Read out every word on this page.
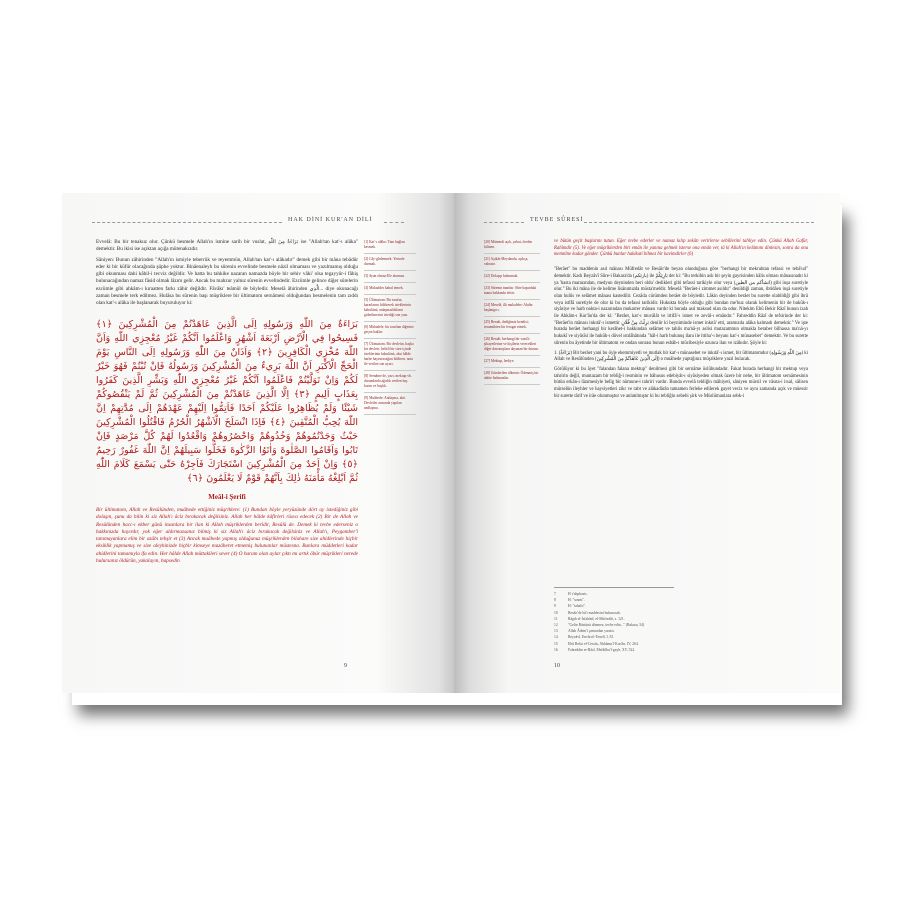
HAK DİNİ KUR'AN DİLİ

Evvelâ: Bu bir tenakuz olur. Çünkü besmele Allah'ın ismine sarih bir vuslat, بَرَاءَةٌ مِنَ اللّٰهِ ise "Allah'tan kat'-ı alâka" demektir. Bu ikisi ise açıktan açığa mütenakızdır.

Sâniyen: Bunun zâhirinden "Allah'ın ismiyle teberrük ve teyemmün, Allah'tan kat'-ı alâkadır" demek gibi bir mâna tebâdür eder ki bir küfür olacağında şüphe yoktur. Binâenaleyh bu sûrenin evvelinde besmele nâzil olmaması ve yazılmamış olduğu gibi okunması dahi kâbil-i tecviz değildir. Ve hatta bu tahkike nazaran namazda böyle bir sehiv vâki' olsa tegayyür-i fâhiş bulunacağından namaz fâsid olmak lâzım gelir. Ancak bu mahzur yalnız sûrenin evvelindedir. Ezcümle gelince diğer sûrelerin ezcümle gibi ahkâm-ı kıraatten farkı zâhir değildir. Fâvâkı' teâmül de böyledir. Meselâ âhirinden الَّذِي... diye okunacağı zaman besmele terk edilmez. Hulâsa bu sûrenin başı müşriklere bir ültimatom sernâmesi olduğundan besmelenin tam zıddı olan kat'-ı alâka ile başlanarak buyuruluyor ki:

بَرَاءَةٌ مِنَ اللّٰهِ وَرَسُولِهِ اِلَى الَّذِينَ عَاهَدْتُمْ مِنَ الْمُشْرِكِينَ ﴿١﴾ فَسِيحُوا فِي الْاَرْضِ اَرْبَعَةَ اَشْهُرٍ وَاعْلَمُوا اَنَّكُمْ غَيْرُ مُعْجِزِي اللّٰهِ وَاَنَّ اللّٰهَ مُخْزِي الْكَافِرِينَ ﴿٢﴾ وَاَذَانٌ مِنَ اللّٰهِ وَرَسُولِهِ اِلَى النَّاسِ يَوْمَ الْحَجِّ الْاَكْبَرِ اَنَّ اللّٰهَ بَرِيءٌ مِنَ الْمُشْرِكِينَ وَرَسُولُهُ فَاِنْ تُبْتُمْ فَهُوَ خَيْرٌ لَكُمْ وَاِنْ تَوَلَّيْتُمْ فَاعْلَمُوا اَنَّكُمْ غَيْرُ مُعْجِزِي اللّٰهِ وَبَشِّرِ الَّذِينَ كَفَرُوا بِعَذَابٍ اَلِيمٍ ﴿٣﴾ اِلَّا الَّذِينَ عَاهَدْتُمْ مِنَ الْمُشْرِكِينَ ثُمَّ لَمْ يَنْقُصُوكُمْ شَيْئًا وَلَمْ يُظَاهِرُوا عَلَيْكُمْ اَحَدًا فَاَتِمُّوا اِلَيْهِمْ عَهْدَهُمْ اِلَى مُدَّتِهِمْ اِنَّ اللّٰهَ يُحِبُّ الْمُتَّقِينَ ﴿٤﴾ فَاِذَا انْسَلَخَ الْاَشْهُرُ الْحُرُمُ فَاقْتُلُوا الْمُشْرِكِينَ حَيْثُ وَجَدْتُمُوهُمْ وَخُذُوهُمْ وَاحْصُرُوهُمْ وَاقْعُدُوا لَهُمْ كُلَّ مَرْصَدٍ فَاِنْ تَابُوا وَاَقَامُوا الصَّلٰوةَ وَاٰتَوُا الزَّكٰوةَ فَخَلُّوا سَبِيلَهُمْ اِنَّ اللّٰهَ غَفُورٌ رَحِيمٌ ﴿٥﴾ وَاِنْ اَحَدٌ مِنَ الْمُشْرِكِينَ اسْتَجَارَكَ فَاَجِرْهُ حَتّٰى يَسْمَعَ كَلَامَ اللّٰهِ ثُمَّ اَبْلِغْهُ مَأْمَنَهُ ذٰلِكَ بِاَنَّهُمْ قَوْمٌ لَا يَعْلَمُونَ ﴿٦﴾
Meâl-i Şerifi

Bir ültimatom, Allah ve Resûlünden, muâhede ettiğiniz müşriklere: (1) Bundan böyle yeryüzünde dört ay istediğiniz gibi dolaşın, şunu da bilin ki siz Allah'ı âciz bırakacak değilsiniz. Allah her hâlde kâfirleri rüsva edecek (2) Bir de Allah ve Resûlünden hacc-ı ekber günü insanlara bir ilan ki Allah müşriklerden berîdir, Resûlü de. Demek ki tevbe ederseniz o hakkınızda hayırdır, yok eğer aldırmazsanız bilmiş ki siz Allah'ı âciz bırakacak değilsiniz ve Allah'ı, Peygamber'i tanımayanlara elim bir azâbı tebşir et (3) Ancak muâhede yapmış olduğunuz müşriklerden bilahare size ahidlerinde hiçbir eksiklik yapmamış ve size aleyhinizde hiçbir kimseye muzâheret etmemiş bulunanlar müstesna. Bunlara müddetleri kadar ahidlerini tamamıyla ifa edin. Her hâlde Allah müttakileri sever (4) O haram olan aylar çıktı mı artık öbür müşrikleri nerede bulursanız öldürün, yakalayın, hapsedin

[1] Kat'-ı alâka: Tüm bağları kesmek.
[2] Cây-gîrdenmek: Yerinde durmak.
[3] Ayan olmaz:Ele alınmaz.
[4] Mukaddes kabul etmek.
[5] Ültimatom: Bir tarafın, kararlarını bildirerek isteklerinin kabulünü, anlaşmazlıkların giderilmesini istediği son yazı.
[6] Mübadele, bir taraftan diğerine geçen haklar.
[7] Ültimatom: Bir devletin, başka bir devlete, belirli bir süre içinde isteklerinin kabulünü, aksi hâlde harbe başvuracağını bildiren, nota ile verilen son uyarı.
[8] Sernâme de, yazı, mektup vb. durumlarda ağırlık verilen baş kısım ve başlık.
[9] Muâhede: Antlaşma, ahit. Devletler arasında yapılan andlaşma.
9
TEVBE SÛRESİ
[20] Mütemdi açık, yahut, öteden bilinen.
[21] Aşikâr:Meydanda, açıkça, vahuste.
[22] Dolaşıp bulunmak.
[23] Sûrenin manâsı: Sûre başındaki mana hakkında tefsir.
[24] Meselâ, ilk mukalebe: Ahdin başlangıcı.
[25] Beraât, dediğimiz kendisi; tesamühten bir feragat etmek.
[26] Beraât: herhangi bir vasıflı şikayetlerine ve kişilerin verecekleri diğer davranışlara dayanan bir durum.
[27] Mektup, hediye.
[28] Gönderilen ülkenin: Ödenmiş bir ahitte bulunanlar.

ve bütün geçit başlarını tutun. Eğer tevbe ederler ve namaz kılıp zekâtı verirlerse sebillerini tahliye edin. Çünkü Allah Gafûr, Rahîmdir (5). Ve eğer müşriklerden biri emân ile yanına gelmek isterse ona emân ver, tâ ki Allah'ın kelâmını dinlesin, sonra da onu memnîne kadar gönder. Çünkü bunlar hakikati bilmez bir kavimdirler (6)

"Berâet" bu maddenin asıl mânası Müfredât ve Besâir'de beyan olunduğuna göre "herhangi bir mekruhtan tefassi ve tebâ'ud" demektir. Kadı Beyzâvî Sûre-i Bakara'da (بارئكم) ile بَارِئِكُمْ der ki: "Bu terkibin aslı bir şeyin gayrisinden hâlis olması mânasınadır ki ya 'hasta marazından, medyun deyninden beri oldu' dedikleri gibi tefassi tarikiyle olur veya (انشأكم من الطين) gibi inşa suretiyle olur." Bu iki mâna ile de kelime lisânımızda müsta'meldir. Meselâ "Berâet-i zimmet asıldır" denildiği zaman, ibtidâen inşâ suretiyle olan hulûs ve selâmet mânası kastedilir. Cezâda cürümden berâet de böyledir. Lâkin deyinden berâet bu surette olabildiği gibi ibrâ veya istîfâ suretiyle de olur ki bu da tefassi tarikidir. Hukukta böyle olduğu gibi bundan me'huz olarak kelimenin bir de hukûk-ı siyâsiye ve harb nokta-i nazarından mukarrer mânası vardır ki burada asıl maksud olan da odur. Nitekim Ebû Bekir Râzî bunun izah ile Ahkâm-ı Kur'ân'da der ki: "Berâet, kat'-ı muvâlât ve irtifâ'-ı ismet ve zevâl-ı emândır." Fahreddin Râzî de tefsirinde der ki: "Berâet'in mânası inkıtâ'-ı ismettir بَرِئْتُ مِنْ فُلَانٍ denilir ki beyniminde ismet inkıtâ' etti, aramızda alâka kalmadı demektir." Ve işte burada berâet herhangi bir kerâhet-i hakkından selâmet ve tahlis ma'nâ-yı aslisi mutazammın olmakla beraber bilhassa ma'nâ-yı hukukî ve siyâsîsi ile hukûk-ı düvel ıstılâhâtında "hâl-i harb bulunuş ilanı ile ittiha'-ı beyanı kat'-ı münasebet" demektir. Ve bu surette sûrenin bu âyetinde bir ültimatom ve ondan sonrası bunun esbâb-ı mûcibesiyle uzunca ilan ve izâhıdır. Şöyle ki:

1. (بَرَاءَةٌ) Bir berâet yani bu öyle ehemmiyetli ve mutlak bir kat'-ı münasebet ve inkıtâ'-ı ismet, bir ültimatomdur (مِنَ اللّٰهِ وَرَسُولِهِ) ki Allah ve Resûlünden (اِلَى الَّذِينَ عَاهَدْتُمْ مِنَ الْمُشْرِكِينَ) o muâhede yaptığınız müşriklere yazıl bulacak.

Görülüyor ki bu âyet "falandan falana mektup" denilmesi gibi bir sernâme üslûbundadır. Fakat burada herhangi bir mektup veya tahririn değil, muntazam bir tebliğ-i resminin ve bâhusus edebiyât-ı siyâsiyeden olmak üzere bir nehe, bir ültimatom sernâmesinin bütün erkân-ı lâzımesiyle belîg bir nümune-i tahriri vardır. Bunda evvelâ tebliğin mâhiyeti, sâniyen mürsil ve vâsıta-i irsal, sâlisen mürselün ileyhler ve haysiyetleri zikr ve rabt ve alâkadârân tamamen ferleke edilerek gayet veciz ve aynı zamanda açık ve müessir bir surette târif ve irâe olunmuştur ve anlatılmıştır ki bu tebliğin sebebi şirk ve Müslümanlara sebk-i

7	H ν'ahphasis.
8	H: "sınım".
9	H: "tahaftı".
10	Besâir'de bâ'ı maddesini bulunacak.
11	Râgıb el-İsfahânî, el-Müfredât, s. 121.
12	"Gelin Rüstünü dönmez, tevbe edin..." (Bakara, 54)
13	Allah Âdem'i çamurdan yarattı.
14	Beyzâvî, Envâru't-Tenzîl, I, 81.
15	Ebû Bekir el-Cessâs, Ahkâmu'l-Kur'ân, IV, 264.
16	Fahreddin er-Râzî, Mefâtîhu'l-gayb, XV, 522.
10
